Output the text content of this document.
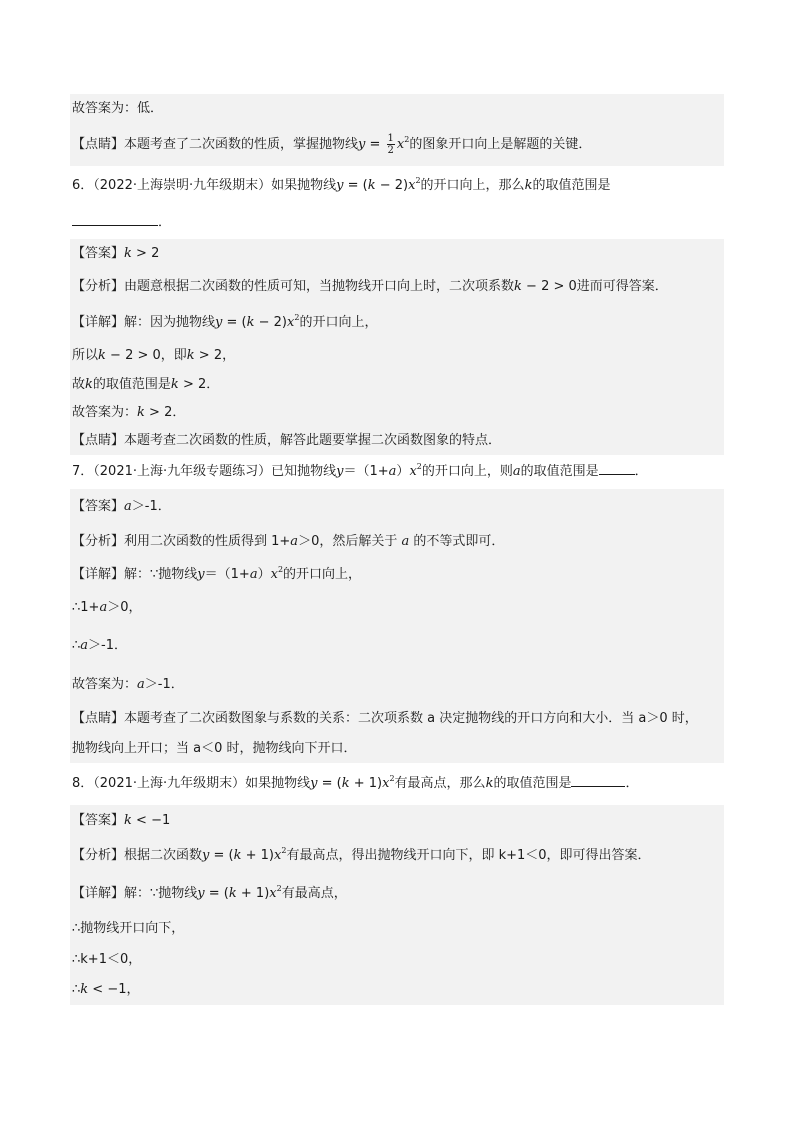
故答案为：低．
【点睛】本题考查了二次函数的性质，掌握抛物线$y = \frac{1}{2} x^2$的图象开口向上是解题的关键．
6．（2022·上海崇明·九年级期末）如果抛物线$y = (k - 2)x^2$的开口向上，那么k的取值范围是
．
【答案】k > 2
【分析】由题意根据二次函数的性质可知，当抛物线开口向上时，二次项系数k − 2 > 0进而可得答案．
【详解】解：因为抛物线$y = (k - 2)x^2$的开口向上，
所以k − 2 > 0，即k > 2，
故k的取值范围是k > 2．
故答案为：k > 2．
【点睛】本题考查二次函数的性质，解答此题要掌握二次函数图象的特点．
7．（2021·上海·九年级专题练习）已知抛物线$y=(1+a)x^2$的开口向上，则a的取值范围是	．
【答案】a＞-1．
【分析】利用二次函数的性质得到 1+a＞0，然后解关于 a 的不等式即可．
【详解】解：∵抛物线$y=(1+a)x^2$的开口向上，
∴1+a＞0，
∴a＞-1．
故答案为：a＞-1．
【点睛】本题考查了二次函数图象与系数的关系：二次项系数 a 决定抛物线的开口方向和大小．当 a＞0 时，
抛物线向上开口；当 a＜0 时，抛物线向下开口．
8．（2021·上海·九年级期末）如果抛物线$y = (k + 1)x^2$有最高点，那么k的取值范围是	．
【答案】k < −1
【分析】根据二次函数$y = (k + 1)x^2$有最高点，得出抛物线开口向下，即 k+1＜0，即可得出答案．
【详解】解：∵抛物线$y = (k + 1)x^2$有最高点，
∴抛物线开口向下，
∴k+1＜0，
∴k < −1，
